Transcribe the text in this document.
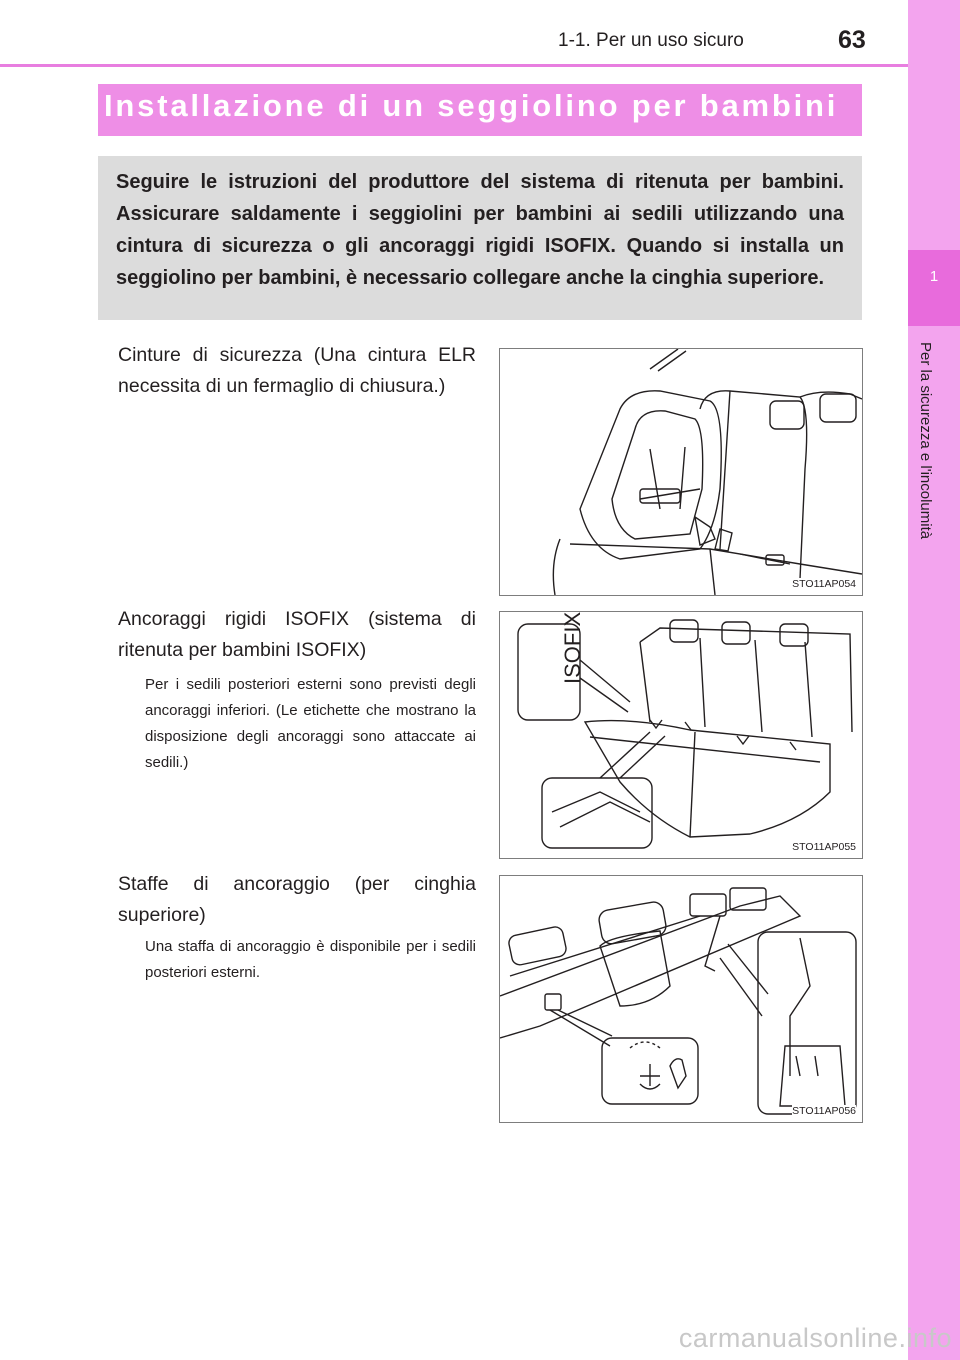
1-1. Per un uso sicuro	63
1
Per la sicurezza e l'incolumità
Installazione di un seggiolino per bambini
Seguire le istruzioni del produttore del sistema di ritenuta per bambini. Assicurare saldamente i seggiolini per bambini ai sedili utilizzando una cintura di sicurezza o gli ancoraggi rigidi ISOFIX. Quando si installa un seggiolino per bambini, è necessario collegare anche la cinghia superiore.
Cinture di sicurezza (Una cintura ELR necessita di un fermaglio di chiusura.)
STO11AP054
Ancoraggi rigidi ISOFIX (sistema di ritenuta per bambini ISOFIX)
Per i sedili posteriori esterni sono previsti degli ancoraggi inferiori. (Le etichette che mostrano la disposizione degli ancoraggi sono attaccate ai sedili.)
ISOFIX
STO11AP055
Staffe di ancoraggio (per cinghia superiore)
Una staffa di ancoraggio è disponibile per i sedili posteriori esterni.
STO11AP056
carmanualsonline.info
